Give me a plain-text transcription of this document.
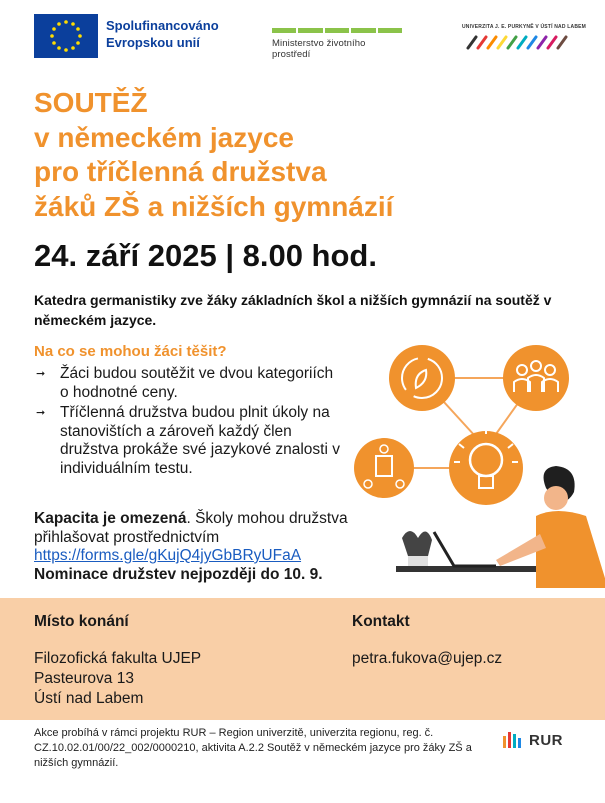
Spolufinancováno
Evropskou unií	Ministerstvo životního prostředí
UNIVERZITA J. E. PURKYNĚ V ÚSTÍ NAD LABEM
SOUTĚŽ
v německém jazyce
pro tříčlenná družstva
žáků ZŠ a nižších gymnázií
24. září 2025 | 8.00 hod.
Katedra germanistiky zve žáky základních škol a nižších gymnázií na soutěž v německém jazyce.
Na co se mohou žáci těšit?
➞ Žáci budou soutěžit ve dvou kategoriích o hodnotné ceny.
➞ Tříčlenná družstva budou plnit úkoly na stanovištích a zároveň každý člen družstva prokáže své jazykové znalosti v individuálním testu.
Kapacita je omezená. Školy mohou družstva přihlašovat prostřednictvím
https://forms.gle/gKujQ4jyGbBRyUFaA
Nominace družstev nejpozději do 10. 9.
Místo konání
Filozofická fakulta UJEP
Pasteurova 13
Ústí nad Labem
Kontakt
petra.fukova@ujep.cz
Akce probíhá v rámci projektu RUR – Region univerzitě, univerzita regionu, reg. č. CZ.10.02.01/00/22_002/0000210, aktivita A.2.2 Soutěž v německém jazyce pro žáky ZŠ a nižších gymnázií.
RUR
